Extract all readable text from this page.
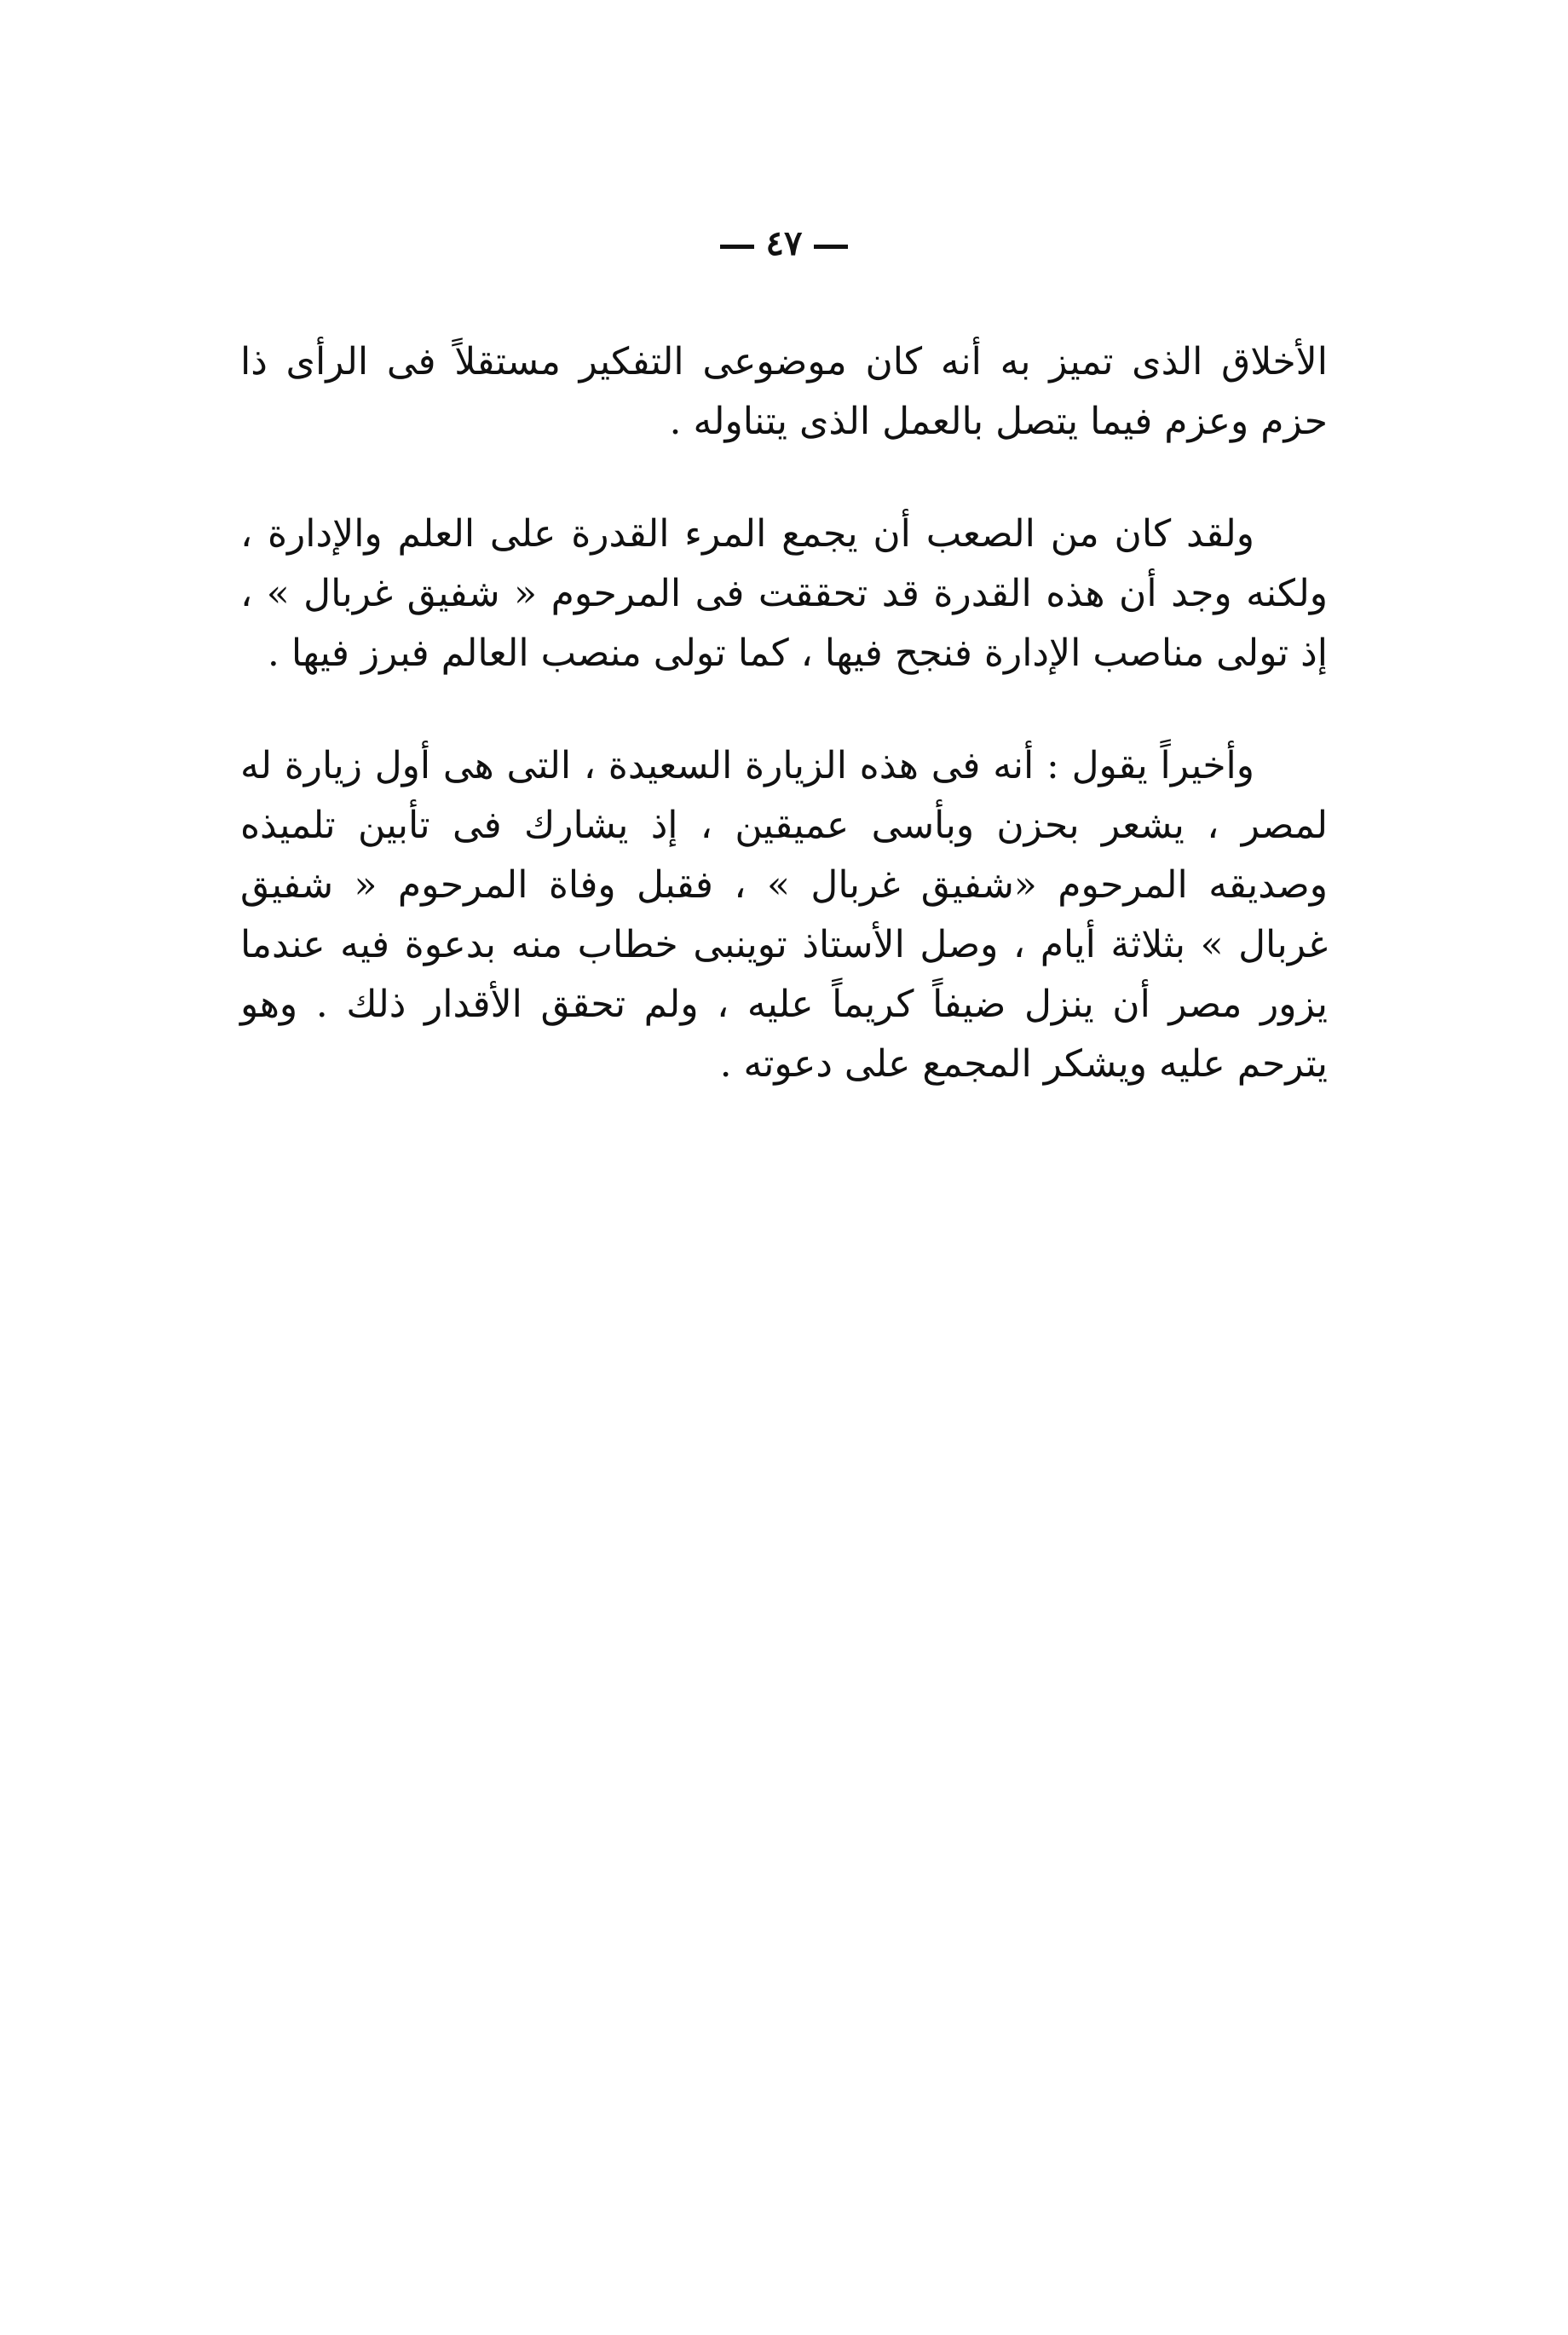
٤٧

الأخلاق الذى تميز به أنه كان موضوعى التفكير مستقلاً فى الرأى ذا حزم وعزم فيما يتصل بالعمل الذى يتناوله .

ولقد كان من الصعب أن يجمع المرء القدرة على العلم والإدارة ، ولكنه وجد أن هذه القدرة قد تحققت فى المرحوم « شفيق غربال » ، إذ تولى مناصب الإدارة فنجح فيها ، كما تولى منصب العالم فبرز فيها .

وأخيراً يقول : أنه فى هذه الزيارة السعيدة ، التى هى أول زيارة له لمصر ، يشعر بحزن وبأسى عميقين ، إذ يشارك فى تأبين تلميذه وصديقه المرحوم «شفيق غربال » ، فقبل وفاة المرحوم « شفيق غربال » بثلاثة أيام ، وصل الأستاذ توينبى خطاب منه بدعوة فيه عندما يزور مصر أن ينزل ضيفاً كريماً عليه ، ولم تحقق الأقدار ذلك . وهو يترحم عليه ويشكر المجمع على دعوته .
